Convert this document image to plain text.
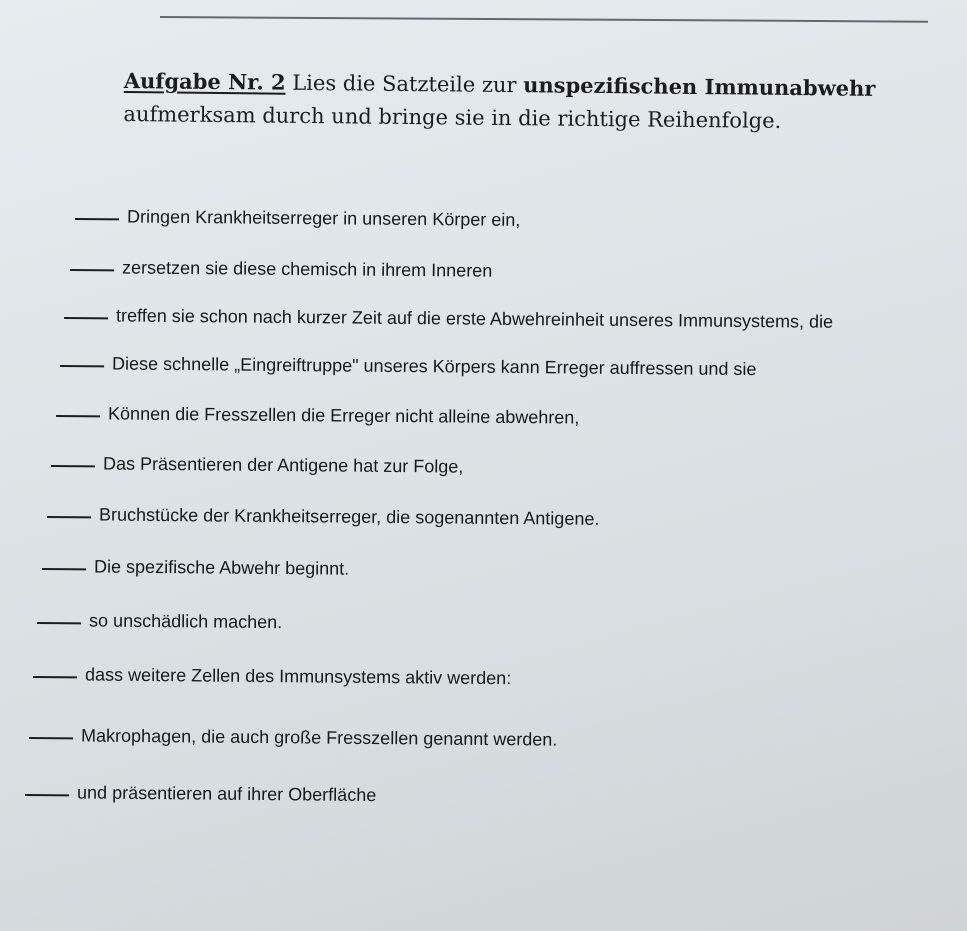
Aufgabe Nr. 2 Lies die Satzteile zur unspezifischen Immunabwehr aufmerksam durch und bringe sie in die richtige Reihenfolge.
Dringen Krankheitserreger in unseren Körper ein,
zersetzen sie diese chemisch in ihrem Inneren
treffen sie schon nach kurzer Zeit auf die erste Abwehreinheit unseres Immunsystems, die
Diese schnelle „Eingreiftruppe" unseres Körpers kann Erreger auffressen und sie
Können die Fresszellen die Erreger nicht alleine abwehren,
Das Präsentieren der Antigene hat zur Folge,
Bruchstücke der Krankheitserreger, die sogenannten Antigene.
Die spezifische Abwehr beginnt.
so unschädlich machen.
dass weitere Zellen des Immunsystems aktiv werden:
Makrophagen, die auch große Fresszellen genannt werden.
und präsentieren auf ihrer Oberfläche
